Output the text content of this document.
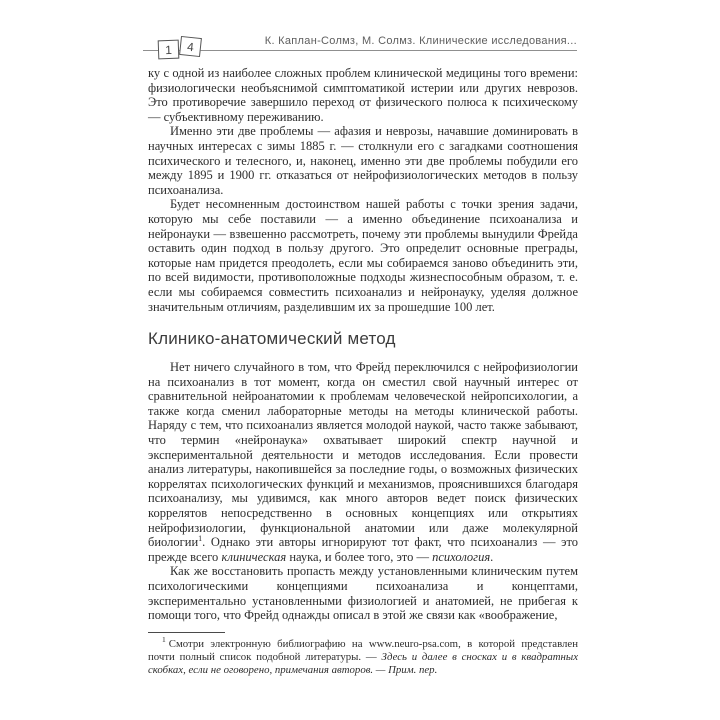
1	4	К. Каплан-Солмз, М. Солмз. Клинические исследования...

ку с одной из наиболее сложных проблем клинической медицины того времени: физиологически необъяснимой симптоматикой истерии или других неврозов. Это противоречие завершило переход от физического полюса к психическому — субъективному переживанию.

Именно эти две проблемы — афазия и неврозы, начавшие доминировать в научных интересах с зимы 1885 г. — столкнули его с загадками соотношения психического и телесного, и, наконец, именно эти две проблемы побудили его между 1895 и 1900 гг. отказаться от нейрофизиологических методов в пользу психоанализа.

Будет несомненным достоинством нашей работы с точки зрения задачи, которую мы себе поставили — а именно объединение психоанализа и нейронауки — взвешенно рассмотреть, почему эти проблемы вынудили Фрейда оставить один подход в пользу другого. Это определит основные преграды, которые нам придется преодолеть, если мы собираемся заново объединить эти, по всей видимости, противоположные подходы жизнеспособным образом, т. е. если мы собираемся совместить психоанализ и нейронауку, уделяя должное значительным отличиям, разделившим их за прошедшие 100 лет.

Клинико-анатомический метод

Нет ничего случайного в том, что Фрейд переключился с нейрофизиологии на психоанализ в тот момент, когда он сместил свой научный интерес от сравнительной нейроанатомии к проблемам человеческой нейропсихологии, а также когда сменил лабораторные методы на методы клинической работы. Наряду с тем, что психоанализ является молодой наукой, часто также забывают, что термин «нейронаука» охватывает широкий спектр научной и экспериментальной деятельности и методов исследования. Если провести анализ литературы, накопившейся за последние годы, о возможных физических коррелятах психологических функций и механизмов, прояснившихся благодаря психоанализу, мы удивимся, как много авторов ведет поиск физических коррелятов непосредственно в основных концепциях или открытиях нейрофизиологии, функциональной анатомии или даже молекулярной биологии$^1$. Однако эти авторы игнорируют тот факт, что психоанализ — это прежде всего клиническая наука, и более того, это — психология.

Как же восстановить пропасть между установленными клиническим путем психологическими концепциями психоанализа и концептами, экспериментально установленными физиологией и анатомией, не прибегая к помощи того, что Фрейд однажды описал в этой же связи как «воображение,

$^1$ Смотри электронную библиографию на www.neuro-psa.com, в которой представлен почти полный список подобной литературы. — Здесь и далее в сносках и в квадратных скобках, если не оговорено, примечания авторов. — Прим. пер.
